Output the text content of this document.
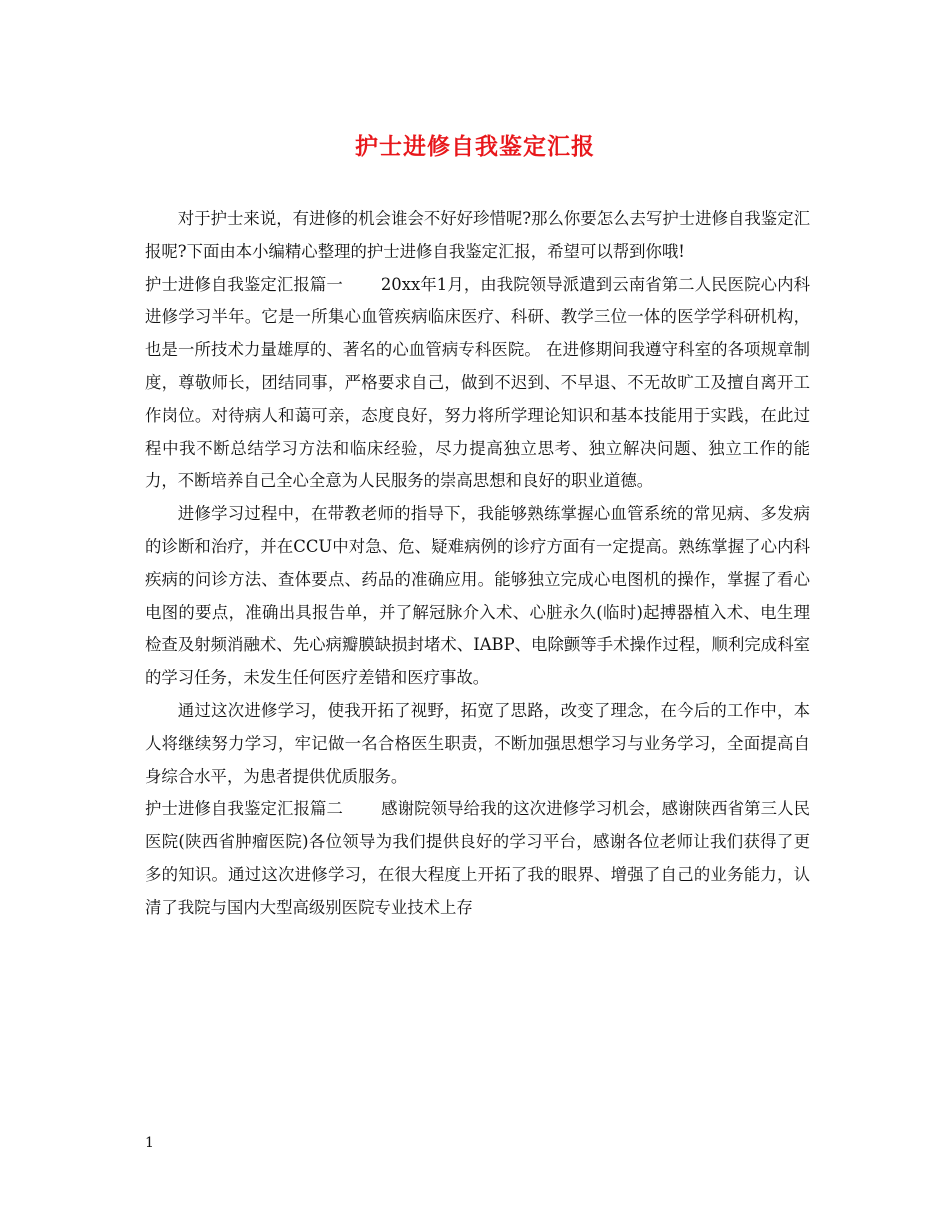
护士进修自我鉴定汇报

对于护士来说，有进修的机会谁会不好好珍惜呢?那么你要怎么去写护士进修自我鉴定汇报呢?下面由本小编精心整理的护士进修自我鉴定汇报，希望可以帮到你哦!

护士进修自我鉴定汇报篇一 20xx年1月，由我院领导派遣到云南省第二人民医院心内科进修学习半年。它是一所集心血管疾病临床医疗、科研、教学三位一体的医学学科研机构，也是一所技术力量雄厚的、著名的心血管病专科医院。 在进修期间我遵守科室的各项规章制度，尊敬师长，团结同事，严格要求自己，做到不迟到、不早退、不无故旷工及擅自离开工作岗位。对待病人和蔼可亲，态度良好，努力将所学理论知识和基本技能用于实践，在此过程中我不断总结学习方法和临床经验，尽力提高独立思考、独立解决问题、独立工作的能力，不断培养自己全心全意为人民服务的崇高思想和良好的职业道德。

进修学习过程中，在带教老师的指导下，我能够熟练掌握心血管系统的常见病、多发病的诊断和治疗，并在CCU中对急、危、疑难病例的诊疗方面有一定提高。熟练掌握了心内科疾病的问诊方法、查体要点、药品的准确应用。能够独立完成心电图机的操作，掌握了看心电图的要点，准确出具报告单，并了解冠脉介入术、心脏永久(临时)起搏器植入术、电生理检查及射频消融术、先心病瓣膜缺损封堵术、IABP、电除颤等手术操作过程，顺利完成科室的学习任务，未发生任何医疗差错和医疗事故。

通过这次进修学习，使我开拓了视野，拓宽了思路，改变了理念，在今后的工作中，本人将继续努力学习，牢记做一名合格医生职责，不断加强思想学习与业务学习，全面提高自身综合水平，为患者提供优质服务。

护士进修自我鉴定汇报篇二 感谢院领导给我的这次进修学习机会，感谢陕西省第三人民医院(陕西省肿瘤医院)各位领导为我们提供良好的学习平台，感谢各位老师让我们获得了更多的知识。通过这次进修学习，在很大程度上开拓了我的眼界、增强了自己的业务能力，认清了我院与国内大型高级别医院专业技术上存

1
